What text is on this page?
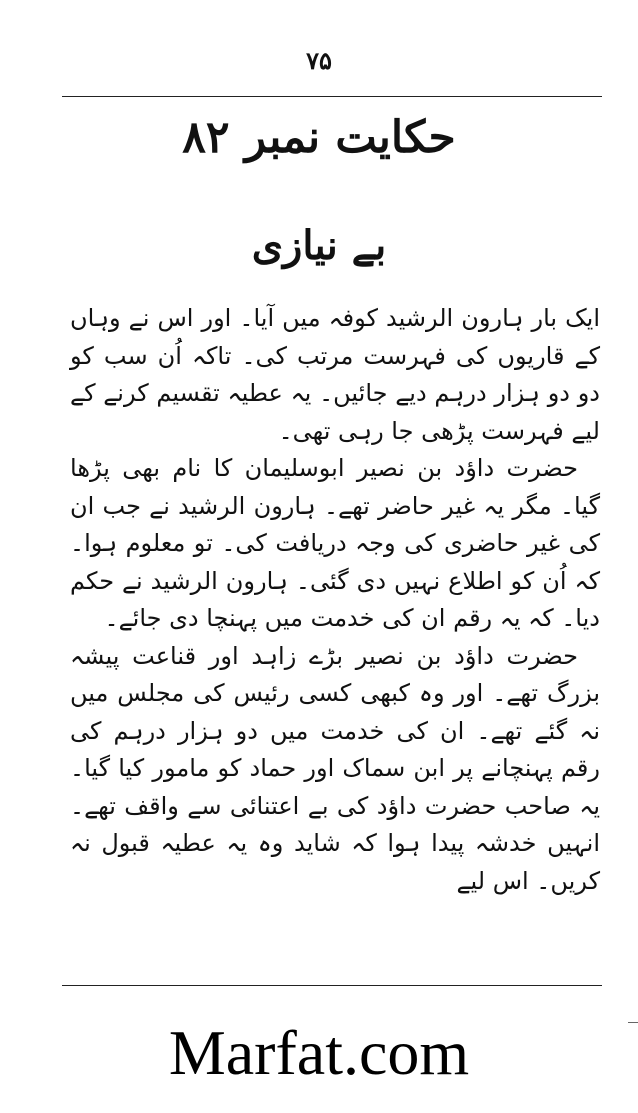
۷۵
حکایت نمبر ۸۲
بے نیازی

ایک بار ہارون الرشید کوفہ میں آیا۔ اور اس نے وہاں کے قاریوں کی فہرست مرتب کی۔ تاکہ اُن سب کو دو دو ہزار درہم دیے جائیں۔ یہ عطیہ تقسیم کرنے کے لیے فہرست پڑھی جا رہی تھی۔

حضرت داؤد بن نصیر ابوسلیمان کا نام بھی پڑھا گیا۔ مگر یہ غیر حاضر تھے۔ ہارون الرشید نے جب ان کی غیر حاضری کی وجہ دریافت کی۔ تو معلوم ہوا۔ کہ اُن کو اطلاع نہیں دی گئی۔ ہارون الرشید نے حکم دیا۔ کہ یہ رقم ان کی خدمت میں پہنچا دی جائے۔

حضرت داؤد بن نصیر بڑے زاہد اور قناعت پیشہ بزرگ تھے۔ اور وہ کبھی کسی رئیس کی مجلس میں نہ گئے تھے۔ ان کی خدمت میں دو ہزار درہم کی رقم پہنچانے پر ابن سماک اور حماد کو مامور کیا گیا۔ یہ صاحب حضرت داؤد کی بے اعتنائی سے واقف تھے۔ انہیں خدشہ پیدا ہوا کہ شاید وہ یہ عطیہ قبول نہ کریں۔ اس لیے

Marfat.com
